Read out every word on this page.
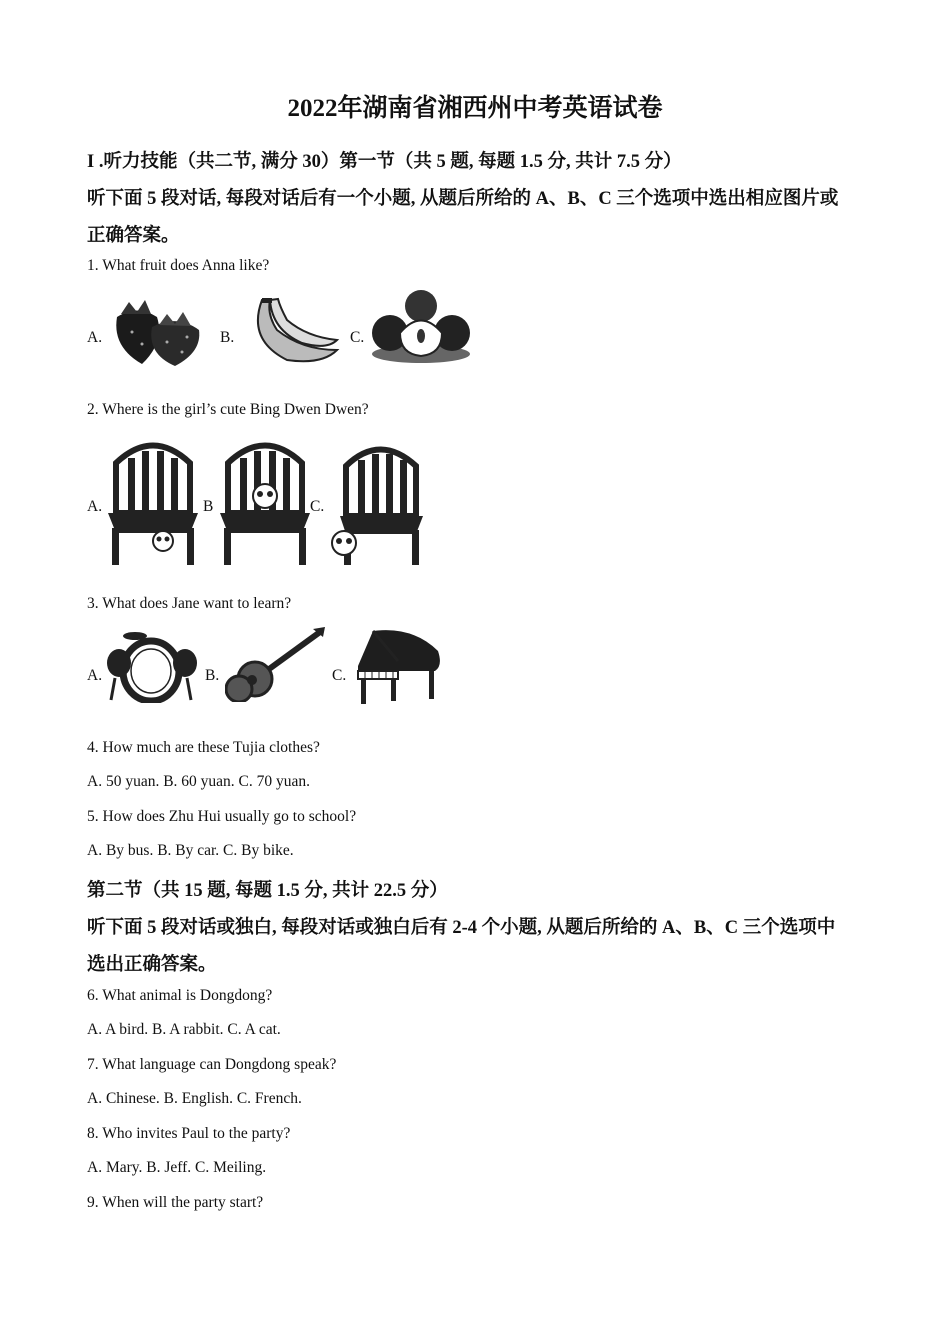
2022年湖南省湘西州中考英语试卷

I .听力技能（共二节, 满分 30）第一节（共 5 题, 每题 1.5 分, 共计 7.5 分）

听下面 5 段对话, 每段对话后有一个小题, 从题后所给的 A、B、C 三个选项中选出相应图片或

正确答案。

1. What fruit does Anna like?

A.	B.	C.

2. Where is the girl’s cute Bing Dwen Dwen?

A.	B	C.

3. What does Jane want to learn?

A.	B.	C.

4. How much are these Tujia clothes?

A. 50 yuan. B. 60 yuan. C. 70 yuan.

5. How does Zhu Hui usually go to school?

A. By bus. B. By car. C. By bike.

第二节（共 15 题, 每题 1.5 分, 共计 22.5 分）

听下面 5 段对话或独白, 每段对话或独白后有 2-4 个小题, 从题后所给的 A、B、C 三个选项中

选出正确答案。

6. What animal is Dongdong?

A. A bird. B. A rabbit. C. A cat.

7. What language can Dongdong speak?

A. Chinese. B. English. C. French.

8. Who invites Paul to the party?

A. Mary. B. Jeff. C. Meiling.

9. When will the party start?
